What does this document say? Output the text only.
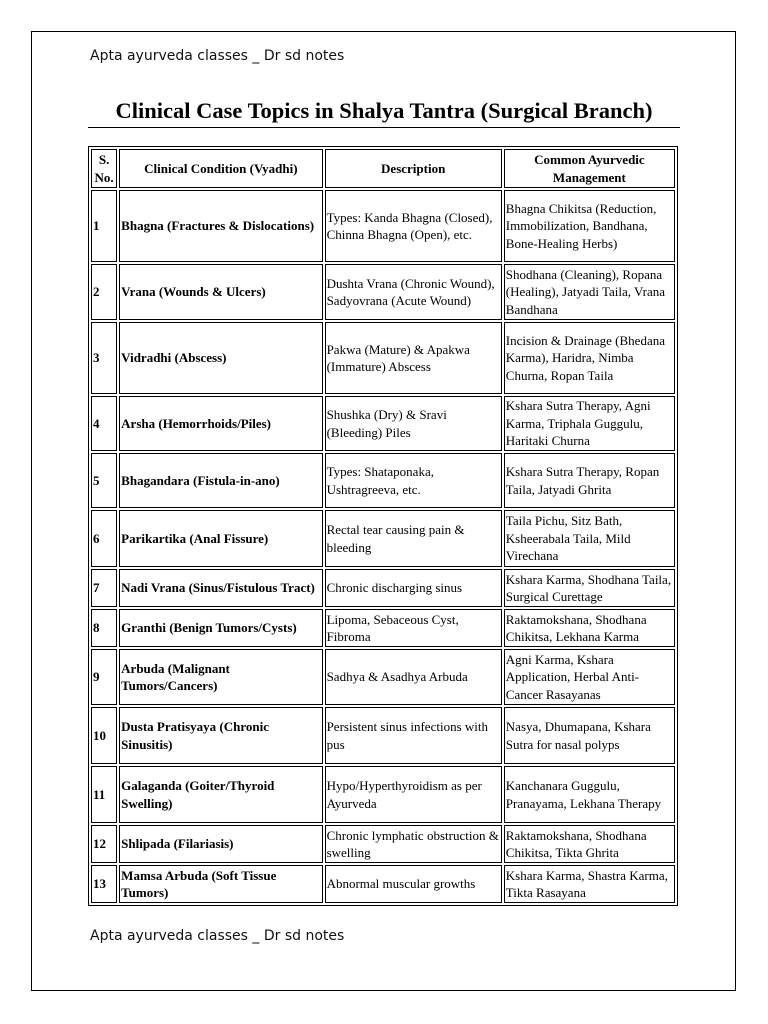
Apta ayurveda classes _ Dr sd notes
Clinical Case Topics in Shalya Tantra (Surgical Branch)
S. No.	Clinical Condition (Vyadhi)	Description	Common Ayurvedic Management
1	Bhagna (Fractures & Dislocations)	Types: Kanda Bhagna (Closed), Chinna Bhagna (Open), etc.	Bhagna Chikitsa (Reduction, Immobilization, Bandhana, Bone-Healing Herbs)
2	Vrana (Wounds & Ulcers)	Dushta Vrana (Chronic Wound), Sadyovrana (Acute Wound)	Shodhana (Cleaning), Ropana (Healing), Jatyadi Taila, Vrana Bandhana
3	Vidradhi (Abscess)	Pakwa (Mature) & Apakwa (Immature) Abscess	Incision & Drainage (Bhedana Karma), Haridra, Nimba Churna, Ropan Taila
4	Arsha (Hemorrhoids/Piles)	Shushka (Dry) & Sravi (Bleeding) Piles	Kshara Sutra Therapy, Agni Karma, Triphala Guggulu, Haritaki Churna
5	Bhagandara (Fistula-in-ano)	Types: Shataponaka, Ushtragreeva, etc.	Kshara Sutra Therapy, Ropan Taila, Jatyadi Ghrita
6	Parikartika (Anal Fissure)	Rectal tear causing pain & bleeding	Taila Pichu, Sitz Bath, Ksheerabala Taila, Mild Virechana
7	Nadi Vrana (Sinus/Fistulous Tract)	Chronic discharging sinus	Kshara Karma, Shodhana Taila, Surgical Curettage
8	Granthi (Benign Tumors/Cysts)	Lipoma, Sebaceous Cyst, Fibroma	Raktamokshana, Shodhana Chikitsa, Lekhana Karma
9	Arbuda (Malignant Tumors/Cancers)	Sadhya & Asadhya Arbuda	Agni Karma, Kshara Application, Herbal Anti-Cancer Rasayanas
10	Dusta Pratisyaya (Chronic Sinusitis)	Persistent sinus infections with pus	Nasya, Dhumapana, Kshara Sutra for nasal polyps
11	Galaganda (Goiter/Thyroid Swelling)	Hypo/Hyperthyroidism as per Ayurveda	Kanchanara Guggulu, Pranayama, Lekhana Therapy
12	Shlipada (Filariasis)	Chronic lymphatic obstruction & swelling	Raktamokshana, Shodhana Chikitsa, Tikta Ghrita
13	Mamsa Arbuda (Soft Tissue Tumors)	Abnormal muscular growths	Kshara Karma, Shastra Karma, Tikta Rasayana
Apta ayurveda classes _ Dr sd notes
